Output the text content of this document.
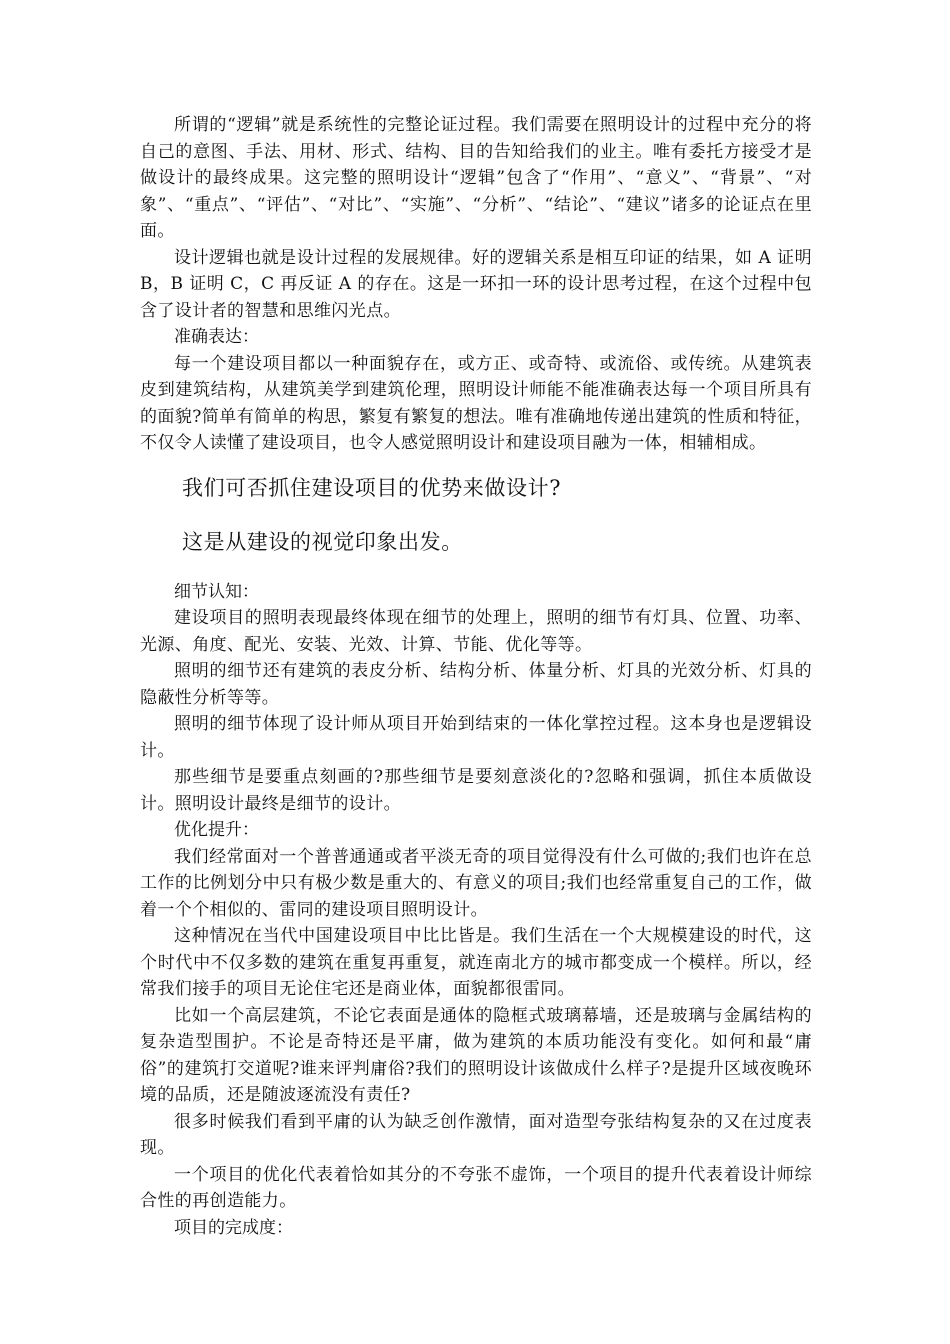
所谓的“逻辑”就是系统性的完整论证过程。我们需要在照明设计的过程中充分的将自己的意图、手法、用材、形式、结构、目的告知给我们的业主。唯有委托方接受才是做设计的最终成果。这完整的照明设计“逻辑”包含了“作用”、“意义”、“背景”、“对象”、“重点”、“评估”、“对比”、“实施”、“分析”、“结论”、“建议”诸多的论证点在里面。

设计逻辑也就是设计过程的发展规律。好的逻辑关系是相互印证的结果，如 A 证明 B，B 证明 C，C 再反证 A 的存在。这是一环扣一环的设计思考过程，在这个过程中包含了设计者的智慧和思维闪光点。

准确表达：

每一个建设项目都以一种面貌存在，或方正、或奇特、或流俗、或传统。从建筑表皮到建筑结构，从建筑美学到建筑伦理，照明设计师能不能准确表达每一个项目所具有的面貌?简单有简单的构思，繁复有繁复的想法。唯有准确地传递出建筑的性质和特征，不仅令人读懂了建设项目，也令人感觉照明设计和建设项目融为一体，相辅相成。

我们可否抓住建设项目的优势来做设计?
这是从建设的视觉印象出发。

细节认知：

建设项目的照明表现最终体现在细节的处理上，照明的细节有灯具、位置、功率、光源、角度、配光、安装、光效、计算、节能、优化等等。

照明的细节还有建筑的表皮分析、结构分析、体量分析、灯具的光效分析、灯具的隐蔽性分析等等。

照明的细节体现了设计师从项目开始到结束的一体化掌控过程。这本身也是逻辑设计。

那些细节是要重点刻画的?那些细节是要刻意淡化的?忽略和强调，抓住本质做设计。照明设计最终是细节的设计。

优化提升：

我们经常面对一个普普通通或者平淡无奇的项目觉得没有什么可做的;我们也许在总工作的比例划分中只有极少数是重大的、有意义的项目;我们也经常重复自己的工作，做着一个个相似的、雷同的建设项目照明设计。

这种情况在当代中国建设项目中比比皆是。我们生活在一个大规模建设的时代，这个时代中不仅多数的建筑在重复再重复，就连南北方的城市都变成一个模样。所以，经常我们接手的项目无论住宅还是商业体，面貌都很雷同。

比如一个高层建筑，不论它表面是通体的隐框式玻璃幕墙，还是玻璃与金属结构的复杂造型围护。不论是奇特还是平庸，做为建筑的本质功能没有变化。如何和最“庸俗”的建筑打交道呢?谁来评判庸俗?我们的照明设计该做成什么样子?是提升区域夜晚环境的品质，还是随波逐流没有责任?

很多时候我们看到平庸的认为缺乏创作激情，面对造型夸张结构复杂的又在过度表现。

一个项目的优化代表着恰如其分的不夸张不虚饰，一个项目的提升代表着设计师综合性的再创造能力。

项目的完成度：
